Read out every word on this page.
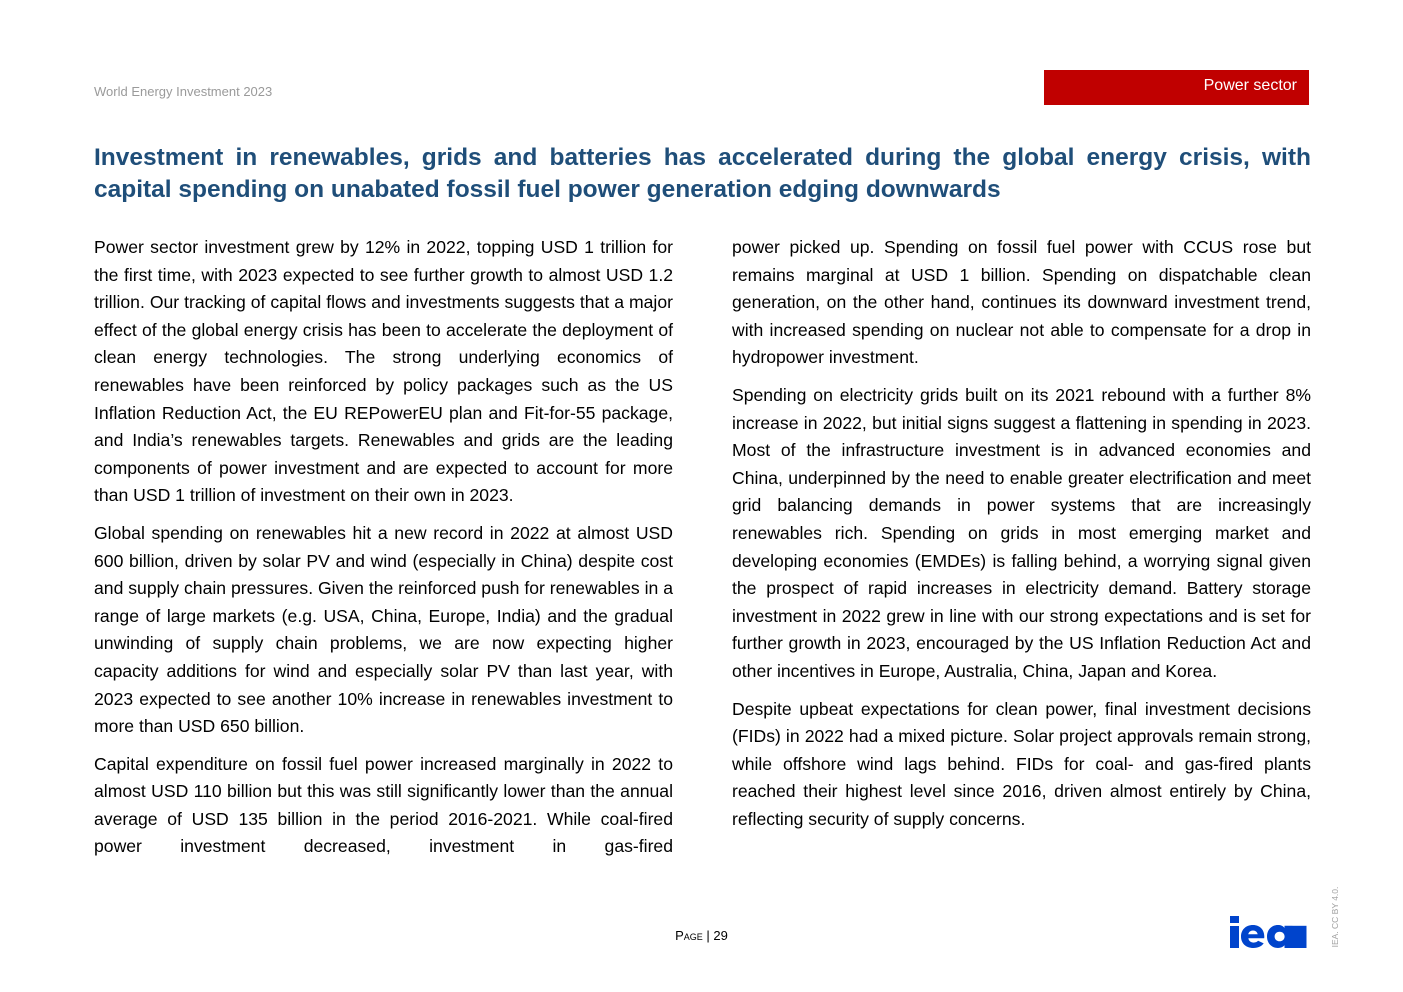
World Energy Investment 2023	Power sector
Investment in renewables, grids and batteries has accelerated during the global energy crisis, with capital spending on unabated fossil fuel power generation edging downwards

Power sector investment grew by 12% in 2022, topping USD 1 trillion for the first time, with 2023 expected to see further growth to almost USD 1.2 trillion. Our tracking of capital flows and investments suggests that a major effect of the global energy crisis has been to accelerate the deployment of clean energy technologies. The strong underlying economics of renewables have been reinforced by policy packages such as the US Inflation Reduction Act, the EU REPowerEU plan and Fit-for-55 package, and India’s renewables targets. Renewables and grids are the leading components of power investment and are expected to account for more than USD 1 trillion of investment on their own in 2023.

Global spending on renewables hit a new record in 2022 at almost USD 600 billion, driven by solar PV and wind (especially in China) despite cost and supply chain pressures. Given the reinforced push for renewables in a range of large markets (e.g. USA, China, Europe, India) and the gradual unwinding of supply chain problems, we are now expecting higher capacity additions for wind and especially solar PV than last year, with 2023 expected to see another 10% increase in renewables investment to more than USD 650 billion.

Capital expenditure on fossil fuel power increased marginally in 2022 to almost USD 110 billion but this was still significantly lower than the annual average of USD 135 billion in the period 2016-2021. While coal-fired power investment decreased, investment in gas-fired

power picked up. Spending on fossil fuel power with CCUS rose but remains marginal at USD 1 billion. Spending on dispatchable clean generation, on the other hand, continues its downward investment trend, with increased spending on nuclear not able to compensate for a drop in hydropower investment.

Spending on electricity grids built on its 2021 rebound with a further 8% increase in 2022, but initial signs suggest a flattening in spending in 2023. Most of the infrastructure investment is in advanced economies and China, underpinned by the need to enable greater electrification and meet grid balancing demands in power systems that are increasingly renewables rich. Spending on grids in most emerging market and developing economies (EMDEs) is falling behind, a worrying signal given the prospect of rapid increases in electricity demand. Battery storage investment in 2022 grew in line with our strong expectations and is set for further growth in 2023, encouraged by the US Inflation Reduction Act and other incentives in Europe, Australia, China, Japan and Korea.

Despite upbeat expectations for clean power, final investment decisions (FIDs) in 2022 had a mixed picture. Solar project approvals remain strong, while offshore wind lags behind. FIDs for coal- and gas-fired plants reached their highest level since 2016, driven almost entirely by China, reflecting security of supply concerns.

Page | 29	IEA. CC BY 4.0.
